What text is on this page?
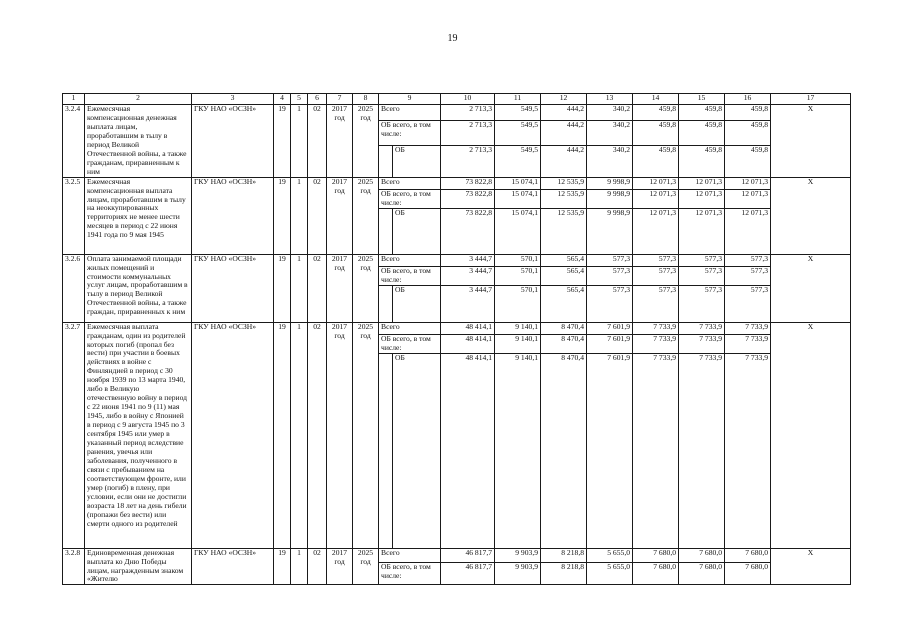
19
1	2	3	4	5	6	7	8	9		10	11	12	13	14	15	16	17
3.2.4	Ежемесячная компенсационная денежная выплата лицам, проработавшим в тылу в период Великой Отечественной войны, а также гражданам, приравненным к ним	ГКУ НАО «ОСЗН»	19	1	02	2017 год	2025 год	Всего		2 713,3	549,5	444,2	340,2	459,8	459,8	459,8	X
								ОБ всего, в том числе:		2 713,3	549,5	444,2	340,2	459,8	459,8	459,8	
									ОБ	2 713,3	549,5	444,2	340,2	459,8	459,8	459,8	
3.2.5	Ежемесячная компенсационная выплата лицам, проработавшим в тылу на неоккупированных территориях не менее шести месяцев в период с 22 июня 1941 года по 9 мая 1945	ГКУ НАО «ОСЗН»	19	1	02	2017 год	2025 год	Всего		73 822,8	15 074,1	12 535,9	9 998,9	12 071,3	12 071,3	12 071,3	X
								ОБ всего, в том числе:		73 822,8	15 074,1	12 535,9	9 998,9	12 071,3	12 071,3	12 071,3	
									ОБ	73 822,8	15 074,1	12 535,9	9 998,9	12 071,3	12 071,3	12 071,3	
3.2.6	Оплата занимаемой площади жилых помещений и стоимости коммунальных услуг лицам, проработавшим в тылу в период Великой Отечественной войны, а также граждан, приравненных к ним	ГКУ НАО «ОСЗН»	19	1	02	2017 год	2025 год	Всего		3 444,7	570,1	565,4	577,3	577,3	577,3	577,3	X
								ОБ всего, в том числе:		3 444,7	570,1	565,4	577,3	577,3	577,3	577,3	
									ОБ	3 444,7	570,1	565,4	577,3	577,3	577,3	577,3	
3.2.7	Ежемесячная выплата гражданам, один из родителей которых погиб (пропал без вести) при участии в боевых действиях в войне с Финляндией в период с 30 ноября 1939 по 13 марта 1940, либо в Великую отечественную войну в период с 22 июня 1941 по 9 (11) мая 1945, либо в войну с Японией в период с 9 августа 1945 по 3 сентября 1945 или умер в указанный период вследствие ранения, увечья или заболевания, полученного в связи с пребыванием на соответствующем фронте, или умер (погиб) в плену, при условии, если они не достигли возраста 18 лет на день гибели (пропажи без вести) или смерти одного из родителей	ГКУ НАО «ОСЗН»	19	1	02	2017 год	2025 год	Всего		48 414,1	9 140,1	8 470,4	7 601,9	7 733,9	7 733,9	7 733,9	X
								ОБ всего, в том числе:		48 414,1	9 140,1	8 470,4	7 601,9	7 733,9	7 733,9	7 733,9	
									ОБ	48 414,1	9 140,1	8 470,4	7 601,9	7 733,9	7 733,9	7 733,9	
3.2.8	Единовременная денежная выплата ко Дню Победы лицам, награжденным знаком «Жителю	ГКУ НАО «ОСЗН»	19	1	02	2017 год	2025 год	Всего		46 817,7	9 903,9	8 218,8	5 655,0	7 680,0	7 680,0	7 680,0	X
								ОБ всего, в том числе:		46 817,7	9 903,9	8 218,8	5 655,0	7 680,0	7 680,0	7 680,0	
